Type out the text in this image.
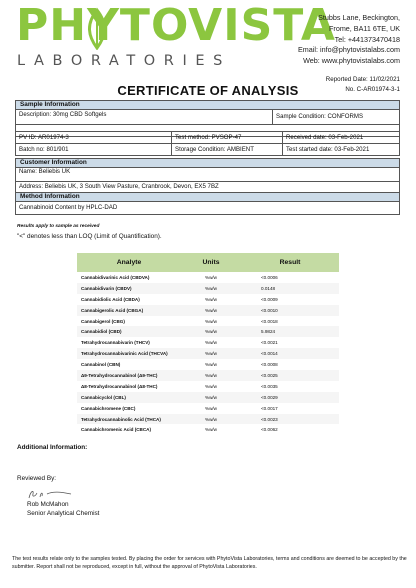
PHYTOVISTA
LABORATORIES
Stubbs Lane, Beckington,
Frome, BA11 6TE, UK
Tel: +441373470418
Email: info@phytovistalabs.com
Web: www.phytovistalabs.com
Reported Date: 11/02/2021
No. C-AR01974-3-1
CERTIFICATE OF ANALYSIS
Sample Information
Description: 30mg CBD Softgels	Sample Condition: CONFORMS
PV ID: AR01974-3	Test method: PVSOP-47	Received date: 03-Feb-2021
Batch no: 801/901	Storage Condition: AMBIENT	Test started date: 03-Feb-2021
Customer Information
Name: Beliebis UK
Address: Beliebis UK, 3 South View Pasture, Cranbrook, Devon, EX5 7BZ
Method Information
Cannabinoid Content by HPLC-DAD
Results apply to sample as received
"<" denotes less than LOQ (Limit of Quantification).
Analyte	Units	Result
Cannabidivarinic Acid (CBDVA)	%w/w	<0.0006
Cannabidivarin (CBDV)	%w/w	0.0148
Cannabidiolic Acid (CBDA)	%w/w	<0.0009
Cannabigerolic Acid (CBGA)	%w/w	<0.0010
Cannabigerol (CBG)	%w/w	<0.0018
Cannabidiol (CBD)	%w/w	5.9824
Tetrahydrocannabivarin (THCV)	%w/w	<0.0021
Tetrahydrocannabivarinic Acid (THCVA)	%w/w	<0.0014
Cannabinol (CBN)	%w/w	<0.0008
Δ9-Tetrahydrocannabinol (Δ9-THC)	%w/w	<0.0025
Δ8-Tetrahydrocannabinol (Δ8-THC)	%w/w	<0.0035
Cannabicyclol (CBL)	%w/w	<0.0029
Cannabichromene (CBC)	%w/w	<0.0017
Tetrahydrocannabinolic Acid (THCA)	%w/w	<0.0023
Cannabichromenic Acid (CBCA)	%w/w	<0.0062
Additional Information:
Reviewed By:
Rob McMahon
Senior Analytical Chemist
The test results relate only to the samples tested. By placing the order for services with PhytoVista Laboratories, terms and conditions are deemed to be accepted by the submitter. Report shall not be reproduced, except in full, without the approval of PhytoVista Laboratories.
